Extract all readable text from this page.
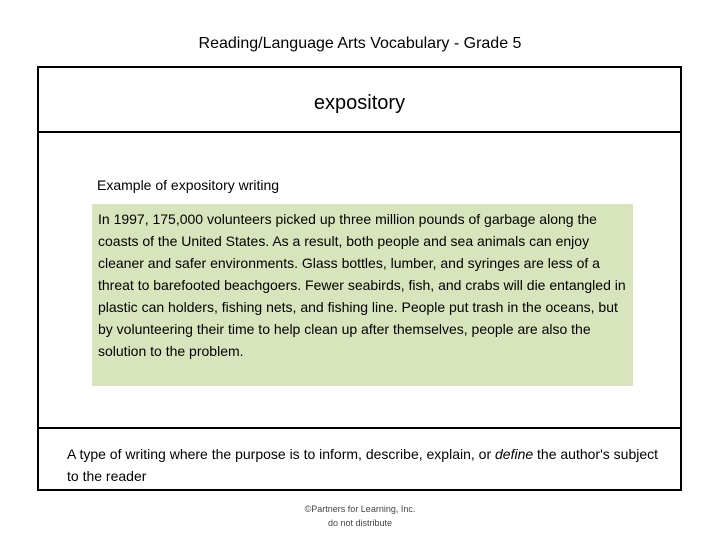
Reading/Language Arts Vocabulary - Grade 5
expository
Example of expository writing
In 1997, 175,000 volunteers picked up three million pounds of garbage along the coasts of the United States. As a result, both people and sea animals can enjoy cleaner and safer environments. Glass bottles, lumber, and syringes are less of a threat to barefooted beachgoers. Fewer seabirds, fish, and crabs will die entangled in plastic can holders, fishing nets, and fishing line. People put trash in the oceans, but by volunteering their time to help clean up after themselves, people are also the solution to the problem.
A type of writing where the purpose is to inform, describe, explain, or define the author's subject to the reader
©Partners for Learning, Inc.
do not distribute
